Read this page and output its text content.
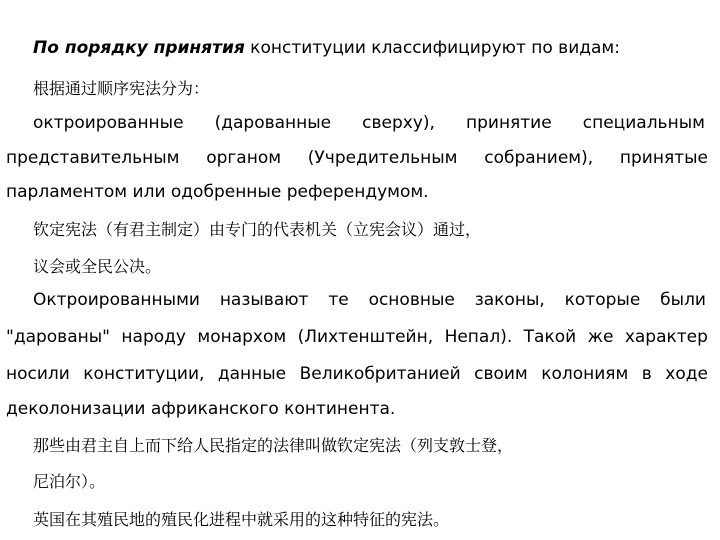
По порядку принятия конституции классифицируют по видам:
根据通过顺序宪法分为：
октроированные (дарованные сверху), принятие специальным
представительным органом (Учредительным собранием), принятые
парламентом или одобренные референдумом.
钦定宪法（有君主制定）由专门的代表机关（立宪会议）通过，
议会或全民公决。
Октроированными называют те основные законы, которые были
"дарованы" народу монархом (Лихтенштейн, Непал). Такой же характер
носили конституции, данные Великобританией своим колониям в ходе
деколонизации африканского континента.
那些由君主自上而下给人民指定的法律叫做钦定宪法（列支敦士登，
尼泊尔）。
英国在其殖民地的殖民化进程中就采用的这种特征的宪法。
